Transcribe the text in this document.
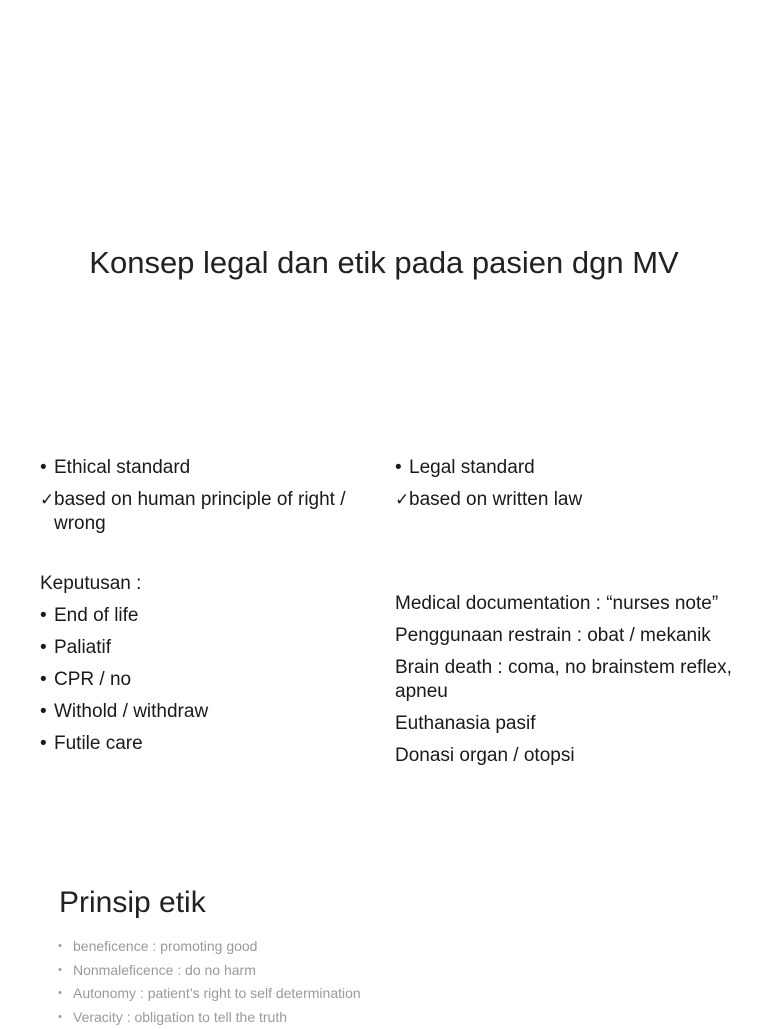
Konsep legal dan etik pada pasien dgn MV
• Ethical standard
✓ based on human principle of right / wrong
Keputusan :
• End of life
• Paliatif
• CPR / no
• Withold / withdraw
• Futile care
• Legal standard
✓ based on written law
Medical documentation : “nurses note”
Penggunaan restrain : obat / mekanik
Brain death : coma, no brainstem reflex, apneu
Euthanasia pasif
Donasi organ / otopsi
Prinsip etik
• beneficence : promoting good
• Nonmaleficence : do no harm
• Autonomy : patient’s right to self determination
• Veracity : obligation to tell the truth
